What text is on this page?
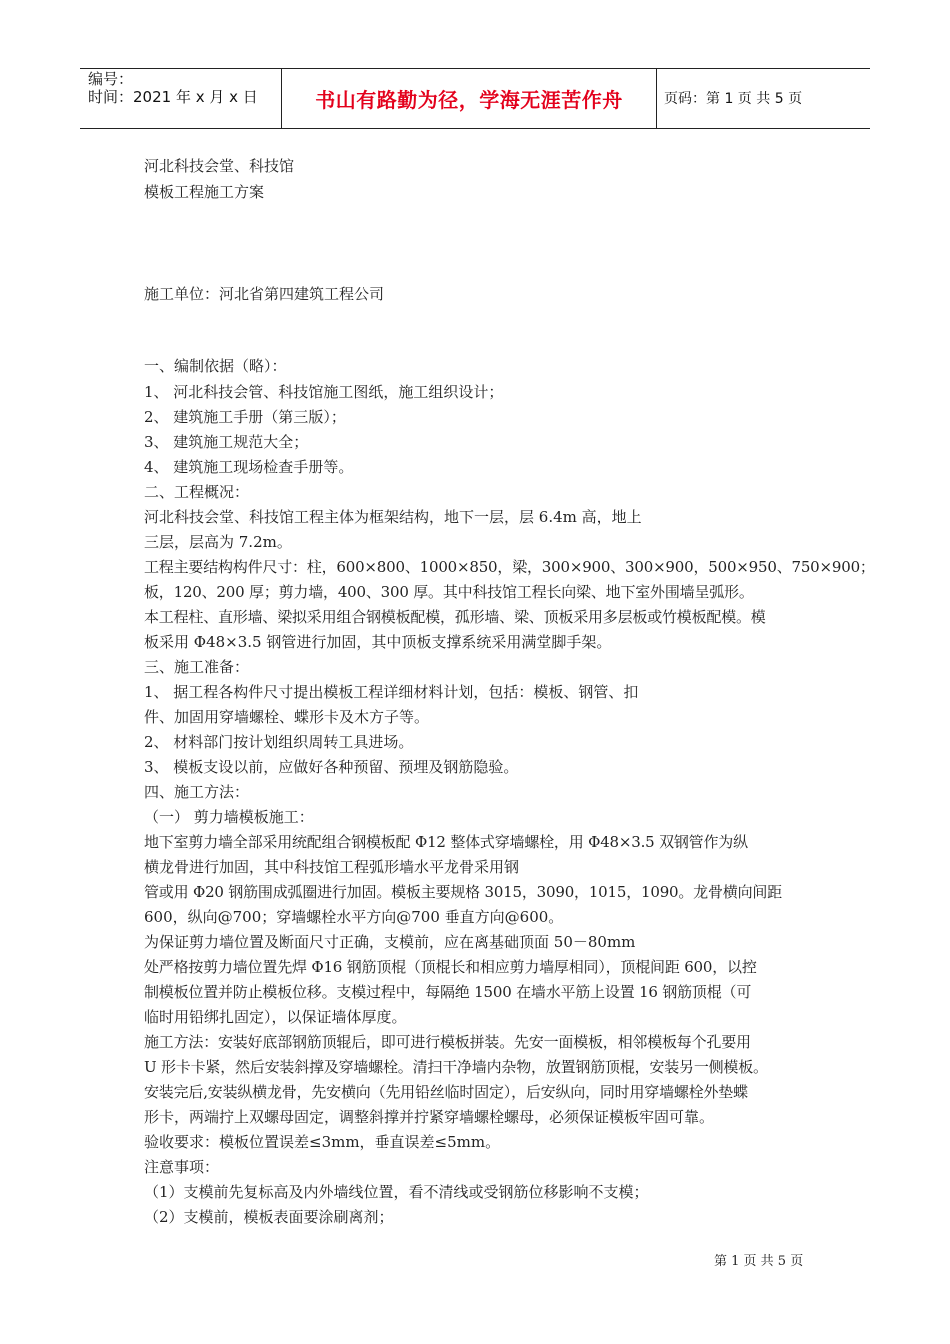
编号：
时间：2021 年 x 月 x 日	书山有路勤为径，学海无涯苦作舟	页码：第 1 页 共 5 页
河北科技会堂、科技馆
模板工程施工方案
施工单位：河北省第四建筑工程公司
一、编制依据（略）：
1、 河北科技会管、科技馆施工图纸，施工组织设计；
2、 建筑施工手册（第三版）；
3、 建筑施工规范大全；
4、 建筑施工现场检查手册等。
二、工程概况：
河北科技会堂、科技馆工程主体为框架结构，地下一层，层 6.4m 高，地上
三层，层高为 7.2m。
工程主要结构构件尺寸：柱，600×800、1000×850，梁，300×900、300×900，500×950、750×900；
板，120、200 厚；剪力墙，400、300 厚。其中科技馆工程长向梁、地下室外围墙呈弧形。
本工程柱、直形墙、梁拟采用组合钢模板配模，孤形墙、梁、顶板采用多层板或竹模板配模。模
板采用 Φ48×3.5 钢管进行加固，其中顶板支撑系统采用满堂脚手架。
三、施工准备：
1、 据工程各构件尺寸提出模板工程详细材料计划，包括：模板、钢管、扣
件、加固用穿墙螺栓、蝶形卡及木方子等。
2、 材料部门按计划组织周转工具进场。
3、 模板支设以前，应做好各种预留、预埋及钢筋隐验。
四、施工方法：
（一） 剪力墙模板施工：
地下室剪力墙全部采用统配组合钢模板配 Φ12 整体式穿墙螺栓，用 Φ48×3.5 双钢管作为纵
横龙骨进行加固，其中科技馆工程弧形墙水平龙骨采用钢
管或用 Φ20 钢筋围成弧圈进行加固。模板主要规格 3015，3090，1015，1090。龙骨横向间距
600，纵向@700；穿墙螺栓水平方向@700 垂直方向@600。
为保证剪力墙位置及断面尺寸正确，支模前，应在离基础顶面 50－80mm
处严格按剪力墙位置先焊 Φ16 钢筋顶棍（顶棍长和相应剪力墙厚相同），顶棍间距 600，以控
制模板位置并防止模板位移。支模过程中，每隔绝 1500 在墙水平筋上设置 16 钢筋顶棍（可
临时用铅绑扎固定），以保证墙体厚度。
施工方法：安装好底部钢筋顶辊后，即可进行模板拼装。先安一面模板，相邻模板每个孔要用
U 形卡卡紧，然后安装斜撑及穿墙螺栓。清扫干净墙内杂物，放置钢筋顶棍，安装另一侧模板。
安装完后,安装纵横龙骨，先安横向（先用铅丝临时固定），后安纵向，同时用穿墙螺栓外垫蝶
形卡，两端拧上双螺母固定，调整斜撑并拧紧穿墙螺栓螺母，必须保证模板牢固可靠。
验收要求：模板位置误差≤3mm，垂直误差≤5mm。
注意事项：
（1）支模前先复标高及内外墙线位置，看不清线或受钢筋位移影响不支模；
（2）支模前，模板表面要涂刷离剂；
第 1 页 共 5 页
